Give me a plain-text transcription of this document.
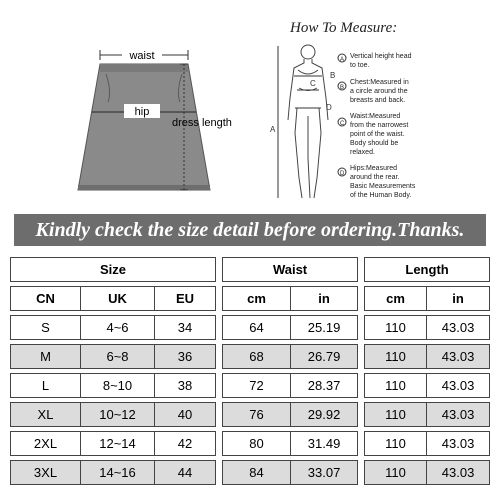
waist
hip
dress length
How To Measure:
B
C
D
A
A. Vertical height head
to toe.
B.
Chest:Measured in
a circle around the
breasts and back.
C.
Waist:Measured
from the narrowest
point of the waist.
Body should be
relaxed.
D.
Hips:Measured
around the rear.
Basic Measurements
of the Human Body.
Kindly check the size detail before ordering.Thanks.
Size				Waist			Length	
CN	UK	EU		cm	in		cm	in
S	4~6	34		64	25.19		110	43.03
M	6~8	36		68	26.79		110	43.03
L	8~10	38		72	28.37		110	43.03
XL	10~12	40		76	29.92		110	43.03
2XL	12~14	42		80	31.49		110	43.03
3XL	14~16	44		84	33.07		110	43.03
